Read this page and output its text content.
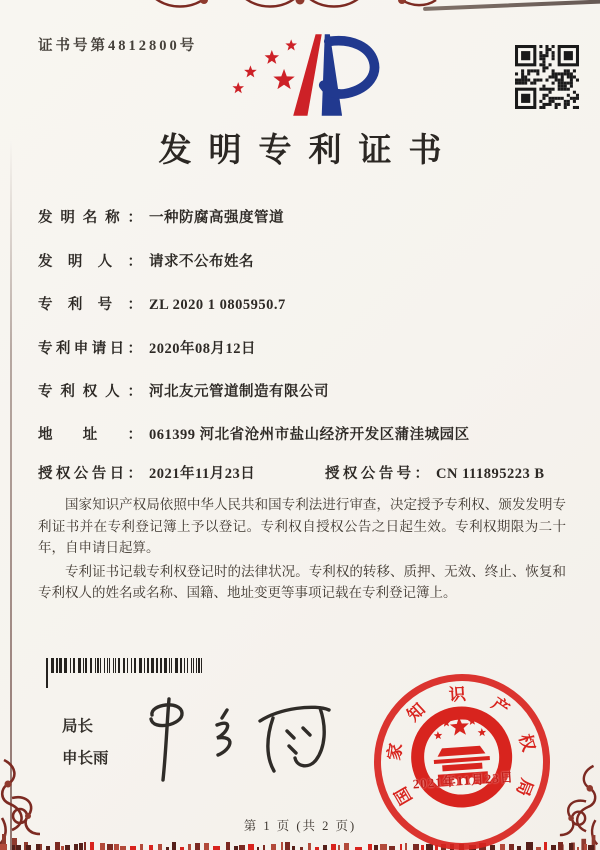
证书号第4812800号
发明专利证书
发明名称： 一种防腐高强度管道
发明人： 请求不公布姓名
专利号： ZL 2020 1 0805950.7
专利申请日： 2020年08月12日
专利权人： 河北友元管道制造有限公司
地址： 061399 河北省沧州市盐山经济开发区蒲洼城园区
授权公告日： 2021年11月23日	授权公告号： CN 111895223 B

国家知识产权局依照中华人民共和国专利法进行审查，决定授予专利权、颁发发明专利证书并在专利登记簿上予以登记。专利权自授权公告之日起生效。专利权期限为二十年，自申请日起算。

专利证书记载专利权登记时的法律状况。专利权的转移、质押、无效、终止、恢复和专利权人的姓名或名称、国籍、地址变更等事项记载在专利登记簿上。

局长
申长雨
国
家
知
识 产
权
局
2021年11月23日
第 1 页 (共 2 页)
